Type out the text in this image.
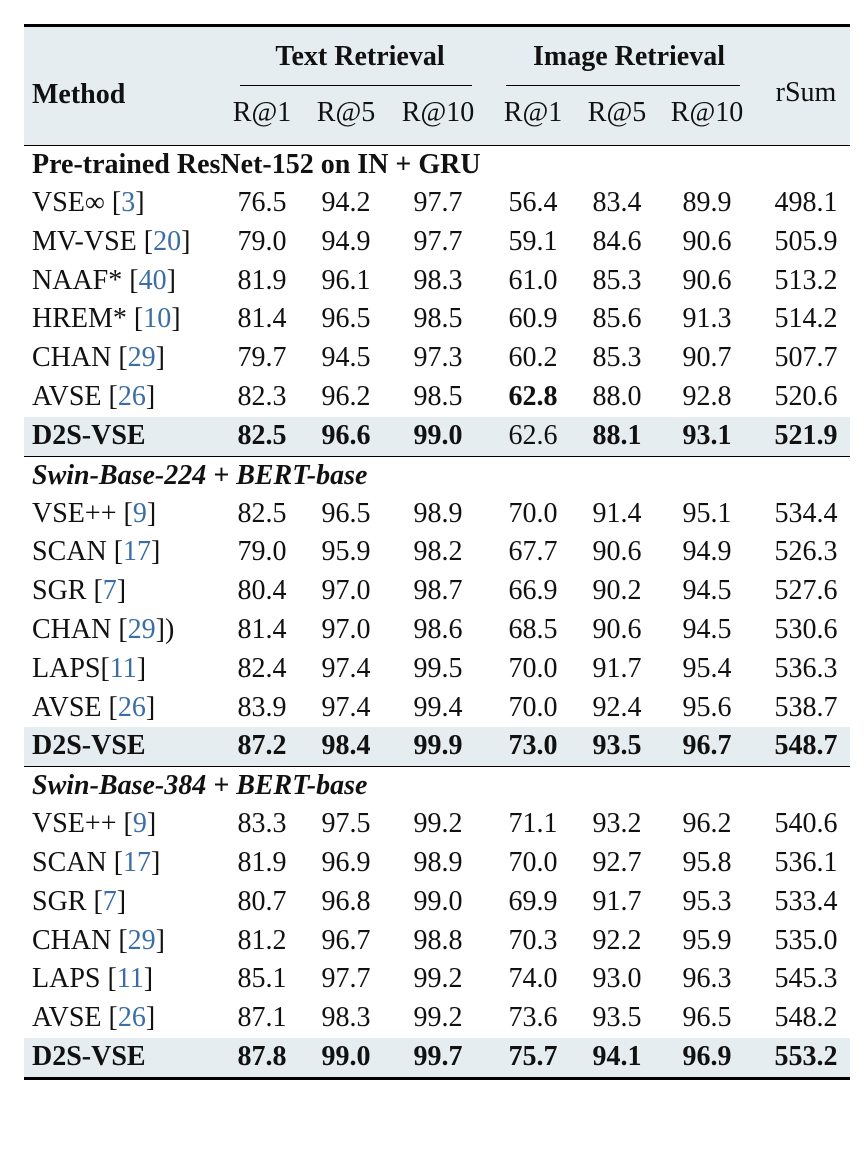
Method
Text Retrieval	Image Retrieval
R@1 R@5 R@10	R@1 R@5 R@10
rSum
Pre-trained ResNet-152 on IN + GRU
VSE∞ [3]	76.5	94.2	97.7	56.4	83.4	89.9	498.1
MV-VSE [20]	79.0	94.9	97.7	59.1	84.6	90.6	505.9
NAAF* [40]	81.9	96.1	98.3	61.0	85.3	90.6	513.2
HREM* [10]	81.4	96.5	98.5	60.9	85.6	91.3	514.2
CHAN [29]	79.7	94.5	97.3	60.2	85.3	90.7	507.7
AVSE [26]	82.3	96.2	98.5	62.8	88.0	92.8	520.6
D2S-VSE	82.5	96.6	99.0	62.6	88.1	93.1	521.9
Swin-Base-224 + BERT-base
VSE++ [9]	82.5	96.5	98.9	70.0	91.4	95.1	534.4
SCAN [17]	79.0	95.9	98.2	67.7	90.6	94.9	526.3
SGR [7]	80.4	97.0	98.7	66.9	90.2	94.5	527.6
CHAN [29])	81.4	97.0	98.6	68.5	90.6	94.5	530.6
LAPS[11]	82.4	97.4	99.5	70.0	91.7	95.4	536.3
AVSE [26]	83.9	97.4	99.4	70.0	92.4	95.6	538.7
D2S-VSE	87.2	98.4	99.9	73.0	93.5	96.7	548.7
Swin-Base-384 + BERT-base
VSE++ [9]	83.3	97.5	99.2	71.1	93.2	96.2	540.6
SCAN [17]	81.9	96.9	98.9	70.0	92.7	95.8	536.1
SGR [7]	80.7	96.8	99.0	69.9	91.7	95.3	533.4
CHAN [29]	81.2	96.7	98.8	70.3	92.2	95.9	535.0
LAPS [11]	85.1	97.7	99.2	74.0	93.0	96.3	545.3
AVSE [26]	87.1	98.3	99.2	73.6	93.5	96.5	548.2
D2S-VSE	87.8	99.0	99.7	75.7	94.1	96.9	553.2
